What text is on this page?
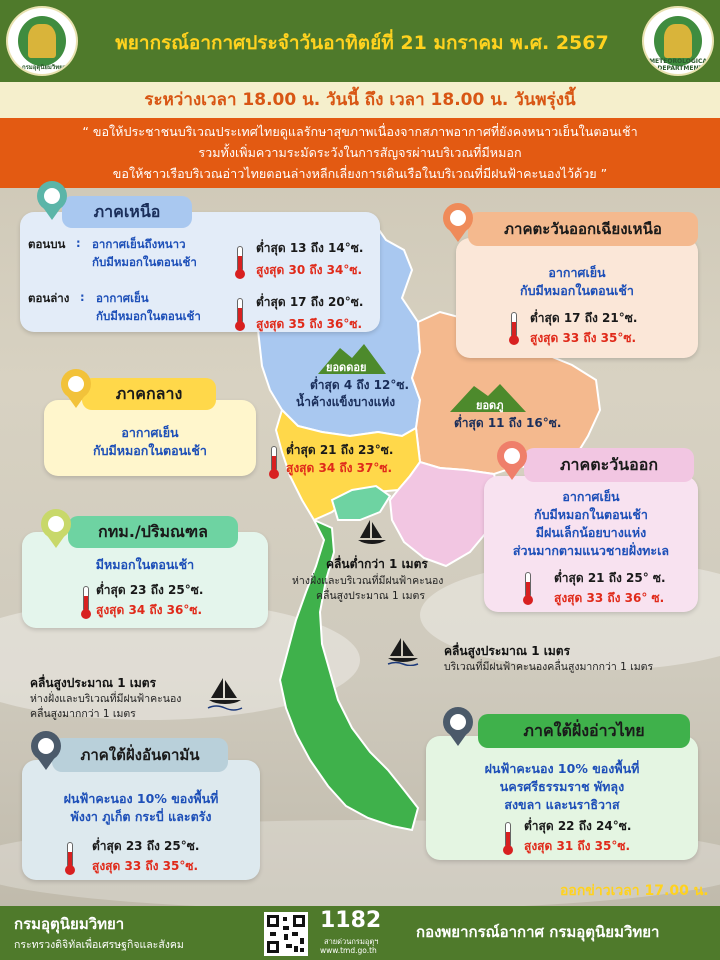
กรมอุตุนิยมวิทยา
พยากรณ์อากาศประจำวันอาทิตย์ที่ 21 มกราคม พ.ศ. 2567
METEOROLOGICAL DEPARTMENT
ระหว่างเวลา 18.00 น. วันนี้ ถึง เวลา 18.00 น. วันพรุ่งนี้
“ ขอให้ประชาชนบริเวณประเทศไทยดูแลรักษาสุขภาพเนื่องจากสภาพอากาศที่ยังคงหนาวเย็นในตอนเช้า
รวมทั้งเพิ่มความระมัดระวังในการสัญจรผ่านบริเวณที่มีหมอก
ขอให้ชาวเรือบริเวณอ่าวไทยตอนล่างหลีกเลี่ยงการเดินเรือในบริเวณที่มีฝนฟ้าคะนองไว้ด้วย ”
ภาคเหนือ
ตอนบน : อากาศเย็นถึงหนาว
กับมีหมอกในตอนเช้า
ต่ำสุด 13 ถึง 14°ซ.
สูงสุด 30 ถึง 34°ซ.
ตอนล่าง : อากาศเย็น
กับมีหมอกในตอนเช้า
ต่ำสุด 17 ถึง 20°ซ.
สูงสุด 35 ถึง 36°ซ.
ยอดดอย
ต่ำสุด 4 ถึง 12°ซ.
น้ำค้างแข็งบางแห่ง
ภาคตะวันออกเฉียงเหนือ
อากาศเย็น
กับมีหมอกในตอนเช้า
ต่ำสุด 17 ถึง 21°ซ.
สูงสุด 33 ถึง 35°ซ.
ยอดภู
ต่ำสุด 11 ถึง 16°ซ.
ภาคกลาง
อากาศเย็น
กับมีหมอกในตอนเช้า	ต่ำสุด 21 ถึง 23°ซ.
สูงสุด 34 ถึง 37°ซ.	ภาคตะวันออก
อากาศเย็น
กับมีหมอกในตอนเช้า
มีฝนเล็กน้อยบางแห่ง
ส่วนมากตามแนวชายฝั่งทะเล
ต่ำสุด 21 ถึง 25° ซ.
สูงสุด 33 ถึง 36° ซ.
กทม./ปริมณฑล
มีหมอกในตอนเช้า
ต่ำสุด 23 ถึง 25°ซ.
สูงสุด 34 ถึง 36°ซ.
คลื่นต่ำกว่า 1 เมตร
ห่างฝั่งและบริเวณที่มีฝนฟ้าคะนอง
คลื่นสูงประมาณ 1 เมตร
คลื่นสูงประมาณ 1 เมตร
บริเวณที่มีฝนฟ้าคะนองคลื่นสูงมากกว่า 1 เมตร
คลื่นสูงประมาณ 1 เมตร
ห่างฝั่งและบริเวณที่มีฝนฟ้าคะนอง
คลื่นสูงมากกว่า 1 เมตร
ภาคใต้ฝั่งอ่าวไทย
ฝนฟ้าคะนอง 10% ของพื้นที่
นครศรีธรรมราช พัทลุง
สงขลา และนราธิวาส
ต่ำสุด 22 ถึง 24°ซ.
สูงสุด 31 ถึง 35°ซ.
ภาคใต้ฝั่งอันดามัน
ฝนฟ้าคะนอง 10% ของพื้นที่
พังงา ภูเก็ต กระบี่ และตรัง
ต่ำสุด 23 ถึง 25°ซ.
สูงสุด 33 ถึง 35°ซ.
ออกข่าวเวลา 17.00 น.
กรมอุตุนิยมวิทยา
กระทรวงดิจิทัลเพื่อเศรษฐกิจและสังคม
1182
สายด่วนกรมอุตุฯ
www.tmd.go.th
กองพยากรณ์อากาศ กรมอุตุนิยมวิทยา
